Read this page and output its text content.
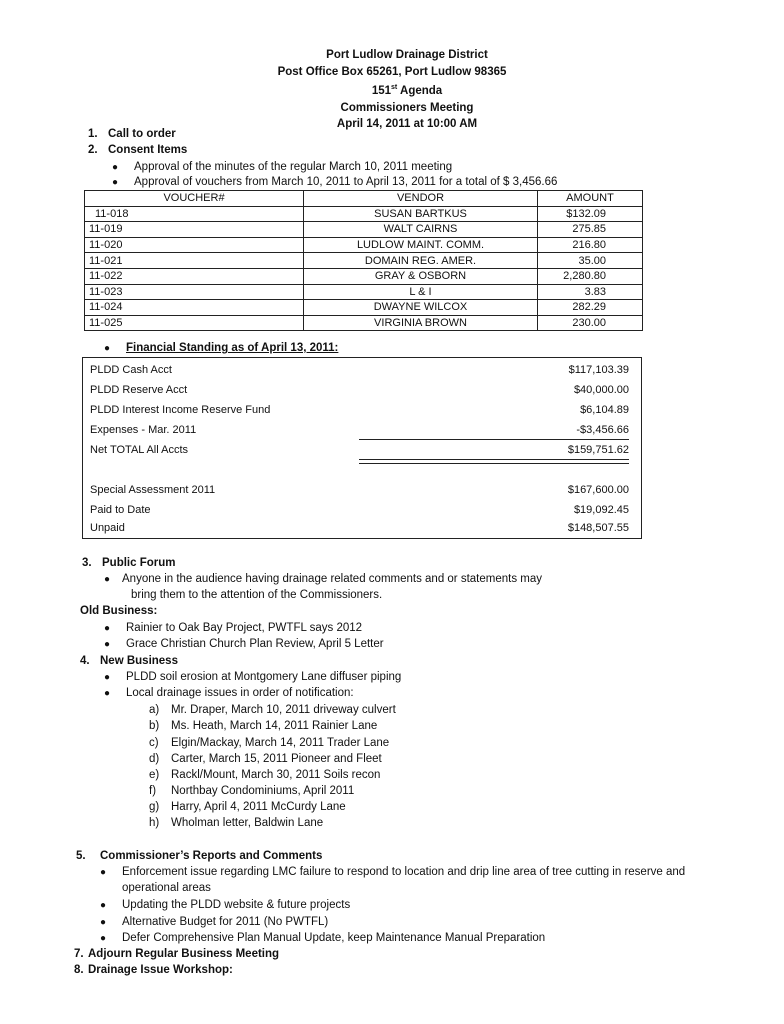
Port Ludlow Drainage District
Post Office Box 65261, Port Ludlow 98365
151st Agenda
Commissioners Meeting
April 14, 2011 at 10:00 AM
1. Call to order
2. Consent Items
● Approval of the minutes of the regular March 10, 2011 meeting
● Approval of vouchers from March 10, 2011 to April 13, 2011 for a total of $ 3,456.66
VOUCHER#	VENDOR	AMOUNT
11-018	SUSAN BARTKUS	$132.09
11-019	WALT CAIRNS	275.85
11-020	LUDLOW MAINT. COMM.	216.80
11-021	DOMAIN REG. AMER.	35.00
11-022	GRAY & OSBORN	2,280.80
11-023	L & I	3.83
11-024	DWAYNE WILCOX	282.29
11-025	VIRGINIA BROWN	230.00
● Financial Standing as of April 13, 2011:
PLDD Cash Acct	$117,103.39
PLDD Reserve Acct	$40,000.00
PLDD Interest Income Reserve Fund	$6,104.89
Expenses - Mar. 2011	-$3,456.66
Net TOTAL All Accts	$159,751.62
Special Assessment 2011	$167,600.00
Paid to Date	$19,092.45
Unpaid	$148,507.55
3. Public Forum
● Anyone in the audience having drainage related comments and or statements may
bring them to the attention of the Commissioners.
Old Business:
● Rainier to Oak Bay Project, PWTFL says 2012
● Grace Christian Church Plan Review, April 5 Letter
4. New Business
● PLDD soil erosion at Montgomery Lane diffuser piping
● Local drainage issues in order of notification:
a) Mr. Draper, March 10, 2011 driveway culvert
b) Ms. Heath, March 14, 2011 Rainier Lane
c) Elgin/Mackay, March 14, 2011 Trader Lane
d) Carter, March 15, 2011 Pioneer and Fleet
e) Rackl/Mount, March 30, 2011 Soils recon
f) Northbay Condominiums, April 2011
g) Harry, April 4, 2011 McCurdy Lane
h) Wholman letter, Baldwin Lane
5. Commissioner’s Reports and Comments
● Enforcement issue regarding LMC failure to respond to location and drip line area of tree cutting in reserve and
operational areas
● Updating the PLDD website & future projects
● Alternative Budget for 2011 (No PWTFL)
● Defer Comprehensive Plan Manual Update, keep Maintenance Manual Preparation
7. Adjourn Regular Business Meeting
8. Drainage Issue Workshop:
